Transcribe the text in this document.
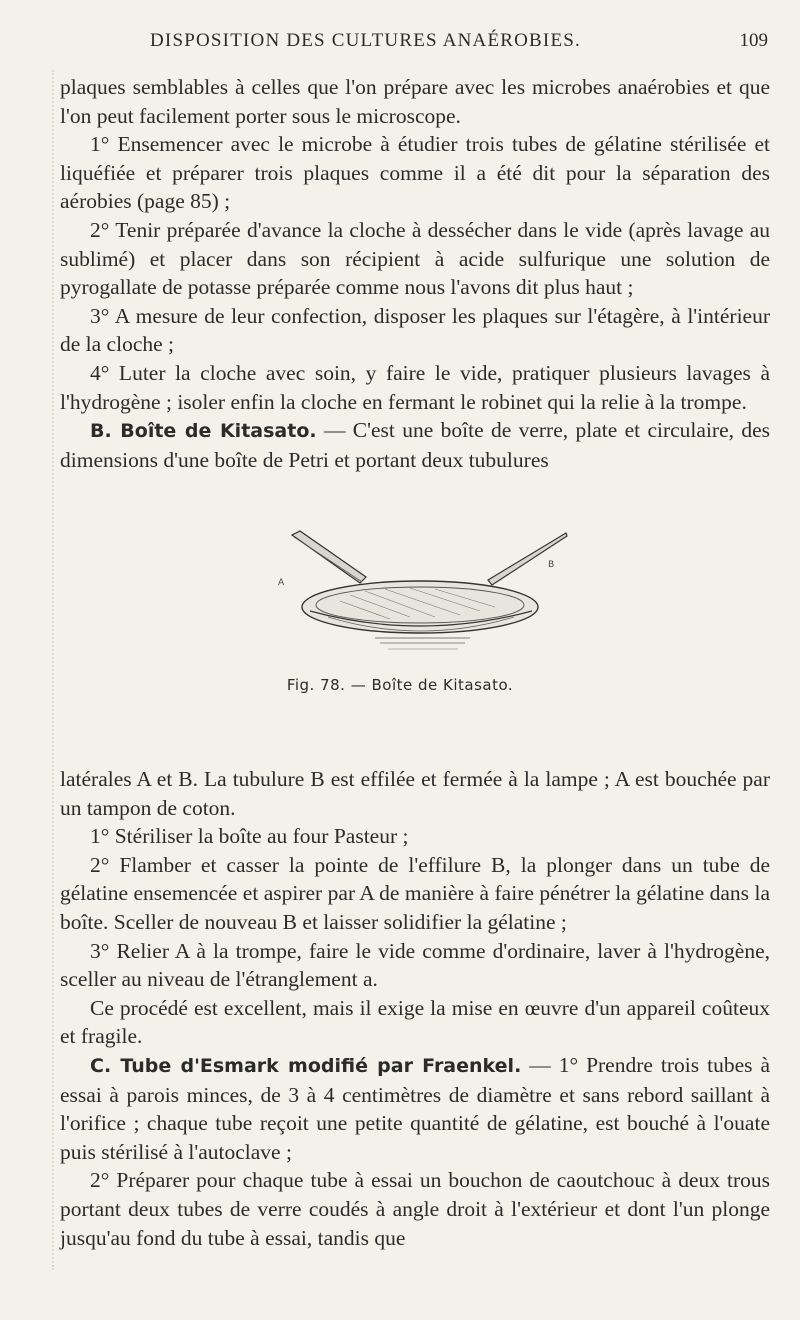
DISPOSITION DES CULTURES ANAÉROBIES.	109

plaques semblables à celles que l'on prépare avec les microbes anaérobies et que l'on peut facilement porter sous le microscope.

1° Ensemencer avec le microbe à étudier trois tubes de gélatine stérilisée et liquéfiée et préparer trois plaques comme il a été dit pour la séparation des aérobies (page 85) ;

2° Tenir préparée d'avance la cloche à dessécher dans le vide (après lavage au sublimé) et placer dans son récipient à acide sulfurique une solution de pyrogallate de potasse préparée comme nous l'avons dit plus haut ;

3° A mesure de leur confection, disposer les plaques sur l'étagère, à l'intérieur de la cloche ;

4° Luter la cloche avec soin, y faire le vide, pratiquer plusieurs lavages à l'hydrogène ; isoler enfin la cloche en fermant le robinet qui la relie à la trompe.

B. Boîte de Kitasato. — C'est une boîte de verre, plate et circulaire, des dimensions d'une boîte de Petri et portant deux tubulures

A
B
Fig. 78. — Boîte de Kitasato.

latérales A et B. La tubulure B est effilée et fermée à la lampe ; A est bouchée par un tampon de coton.

1° Stériliser la boîte au four Pasteur ;

2° Flamber et casser la pointe de l'effilure B, la plonger dans un tube de gélatine ensemencée et aspirer par A de manière à faire pénétrer la gélatine dans la boîte. Sceller de nouveau B et laisser solidifier la gélatine ;

3° Relier A à la trompe, faire le vide comme d'ordinaire, laver à l'hydrogène, sceller au niveau de l'étranglement a.

Ce procédé est excellent, mais il exige la mise en œuvre d'un appareil coûteux et fragile.

C. Tube d'Esmark modifié par Fraenkel. — 1° Prendre trois tubes à essai à parois minces, de 3 à 4 centimètres de diamètre et sans rebord saillant à l'orifice ; chaque tube reçoit une petite quantité de gélatine, est bouché à l'ouate puis stérilisé à l'autoclave ;

2° Préparer pour chaque tube à essai un bouchon de caoutchouc à deux trous portant deux tubes de verre coudés à angle droit à l'extérieur et dont l'un plonge jusqu'au fond du tube à essai, tandis que
